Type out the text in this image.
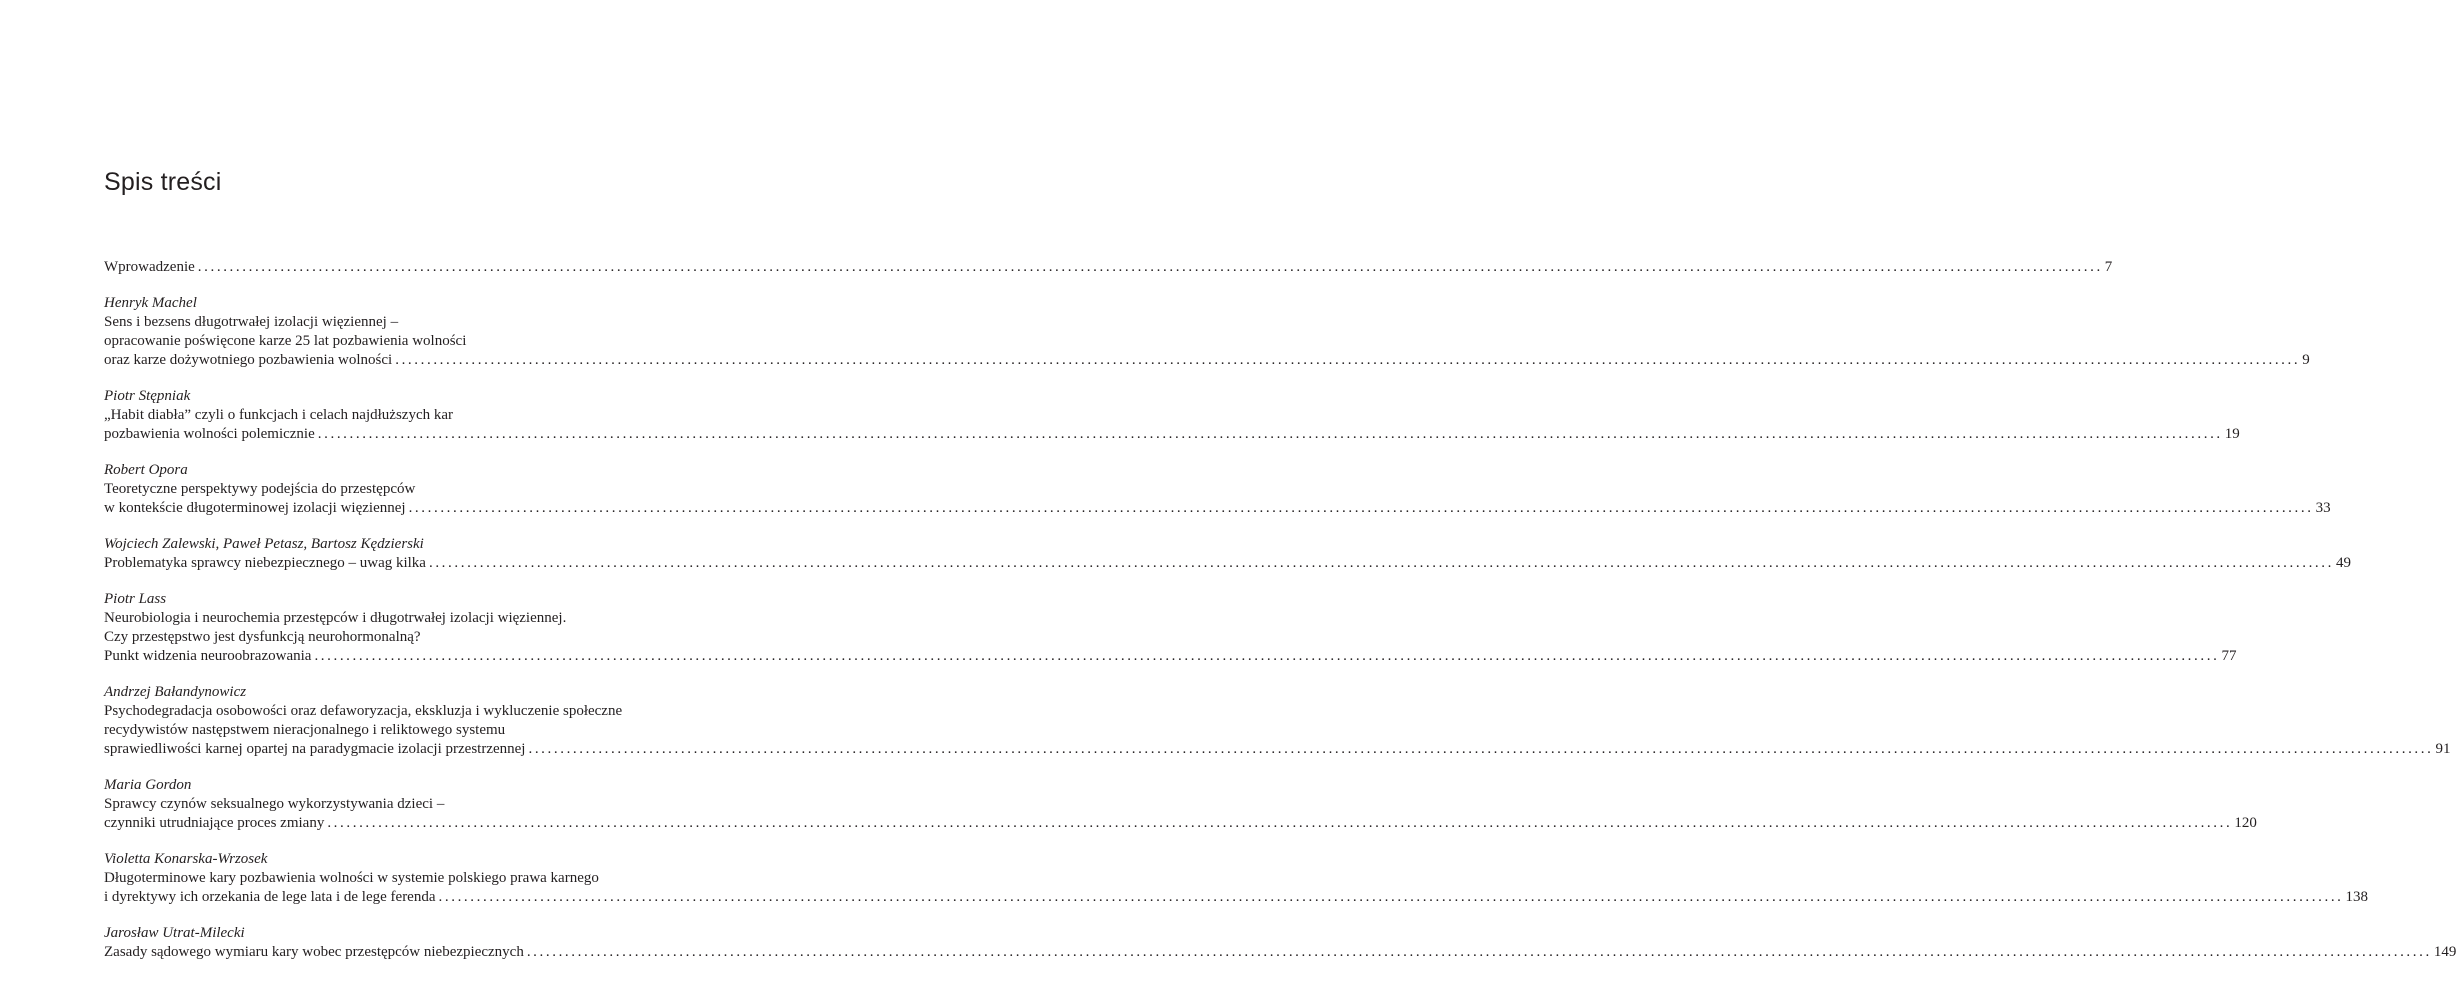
Spis treści
Wprowadzenie ............................................................................................................................................................................................................................................................................................................ 7
Henryk Machel
Sens i bezsens długotrwałej izolacji więziennej –
opracowanie poświęcone karze 25 lat pozbawienia wolności
oraz karze dożywotniego pozbawienia wolności ............................................................................................................................................................................................................................................................................................................ 9
Piotr Stępniak
„Habit diabła” czyli o funkcjach i celach najdłuższych kar
pozbawienia wolności polemicznie ............................................................................................................................................................................................................................................................................................................ 19
Robert Opora
Teoretyczne perspektywy podejścia do przestępców
w kontekście długoterminowej izolacji więziennej ............................................................................................................................................................................................................................................................................................................ 33
Wojciech Zalewski, Paweł Petasz, Bartosz Kędzierski
Problematyka sprawcy niebezpiecznego – uwag kilka ............................................................................................................................................................................................................................................................................................................ 49
Piotr Lass
Neurobiologia i neurochemia przestępców i długotrwałej izolacji więziennej.
Czy przestępstwo jest dysfunkcją neurohormonalną?
Punkt widzenia neuroobrazowania ............................................................................................................................................................................................................................................................................................................ 77
Andrzej Bałandynowicz
Psychodegradacja osobowości oraz defaworyzacja, ekskluzja i wykluczenie społeczne
recydywistów następstwem nieracjonalnego i reliktowego systemu
sprawiedliwości karnej opartej na paradygmacie izolacji przestrzennej ............................................................................................................................................................................................................................................................................................................ 91
Maria Gordon
Sprawcy czynów seksualnego wykorzystywania dzieci –
czynniki utrudniające proces zmiany ............................................................................................................................................................................................................................................................................................................ 120
Violetta Konarska-Wrzosek
Długoterminowe kary pozbawienia wolności w systemie polskiego prawa karnego
i dyrektywy ich orzekania de lege lata i de lege ferenda ............................................................................................................................................................................................................................................................................................................ 138
Jarosław Utrat-Milecki
Zasady sądowego wymiaru kary wobec przestępców niebezpiecznych ............................................................................................................................................................................................................................................................................................................ 149
